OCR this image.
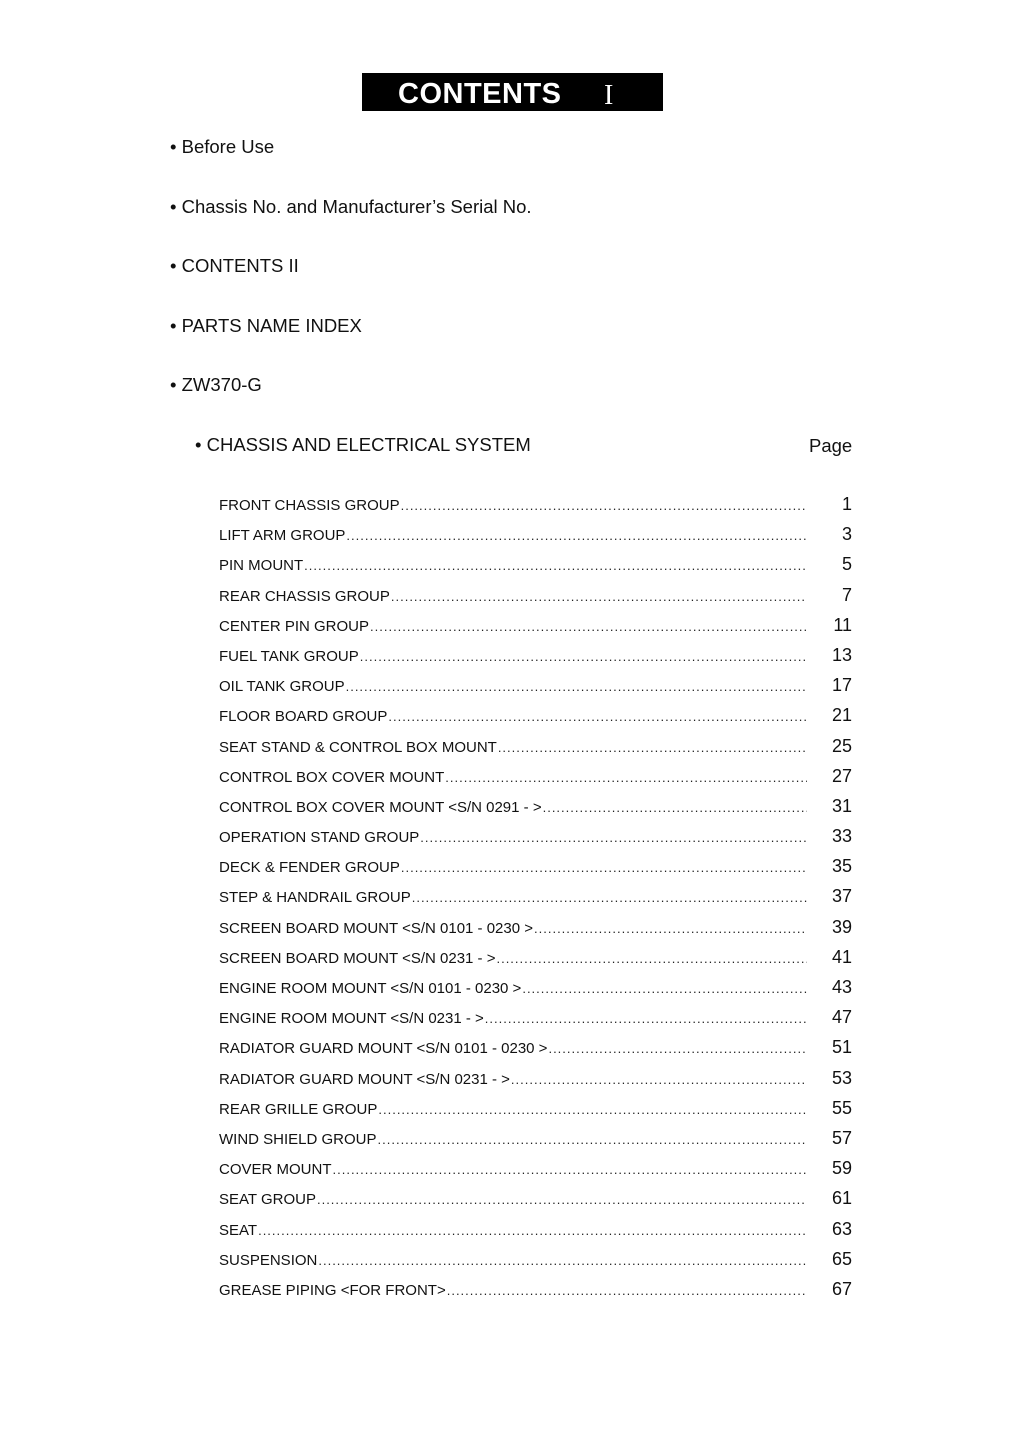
CONTENTS I
• Before Use
• Chassis No. and Manufacturer’s Serial No.
• CONTENTS II
• PARTS NAME INDEX
• ZW370-G
• CHASSIS AND ELECTRICAL SYSTEM	Page
FRONT CHASSIS GROUP .....	1
LIFT ARM GROUP .....	3
PIN MOUNT .....	5
REAR CHASSIS GROUP .....	7
CENTER PIN GROUP .....	11
FUEL TANK GROUP .....	13
OIL TANK GROUP .....	17
FLOOR BOARD GROUP .....	21
SEAT STAND & CONTROL BOX MOUNT .....	25
CONTROL BOX COVER MOUNT .....	27
CONTROL BOX COVER MOUNT <S/N 0291 - > .....	31
OPERATION STAND GROUP .....	33
DECK & FENDER GROUP .....	35
STEP & HANDRAIL GROUP .....	37
SCREEN BOARD MOUNT <S/N 0101 - 0230 > .....	39
SCREEN BOARD MOUNT <S/N 0231 - > .....	41
ENGINE ROOM MOUNT <S/N 0101 - 0230 > .....	43
ENGINE ROOM MOUNT <S/N 0231 - > .....	47
RADIATOR GUARD MOUNT <S/N 0101 - 0230 > .....	51
RADIATOR GUARD MOUNT <S/N 0231 - > .....	53
REAR GRILLE GROUP .....	55
WIND SHIELD GROUP .....	57
COVER MOUNT .....	59
SEAT GROUP .....	61
SEAT .....	63
SUSPENSION .....	65
GREASE PIPING <FOR FRONT> .....	67
